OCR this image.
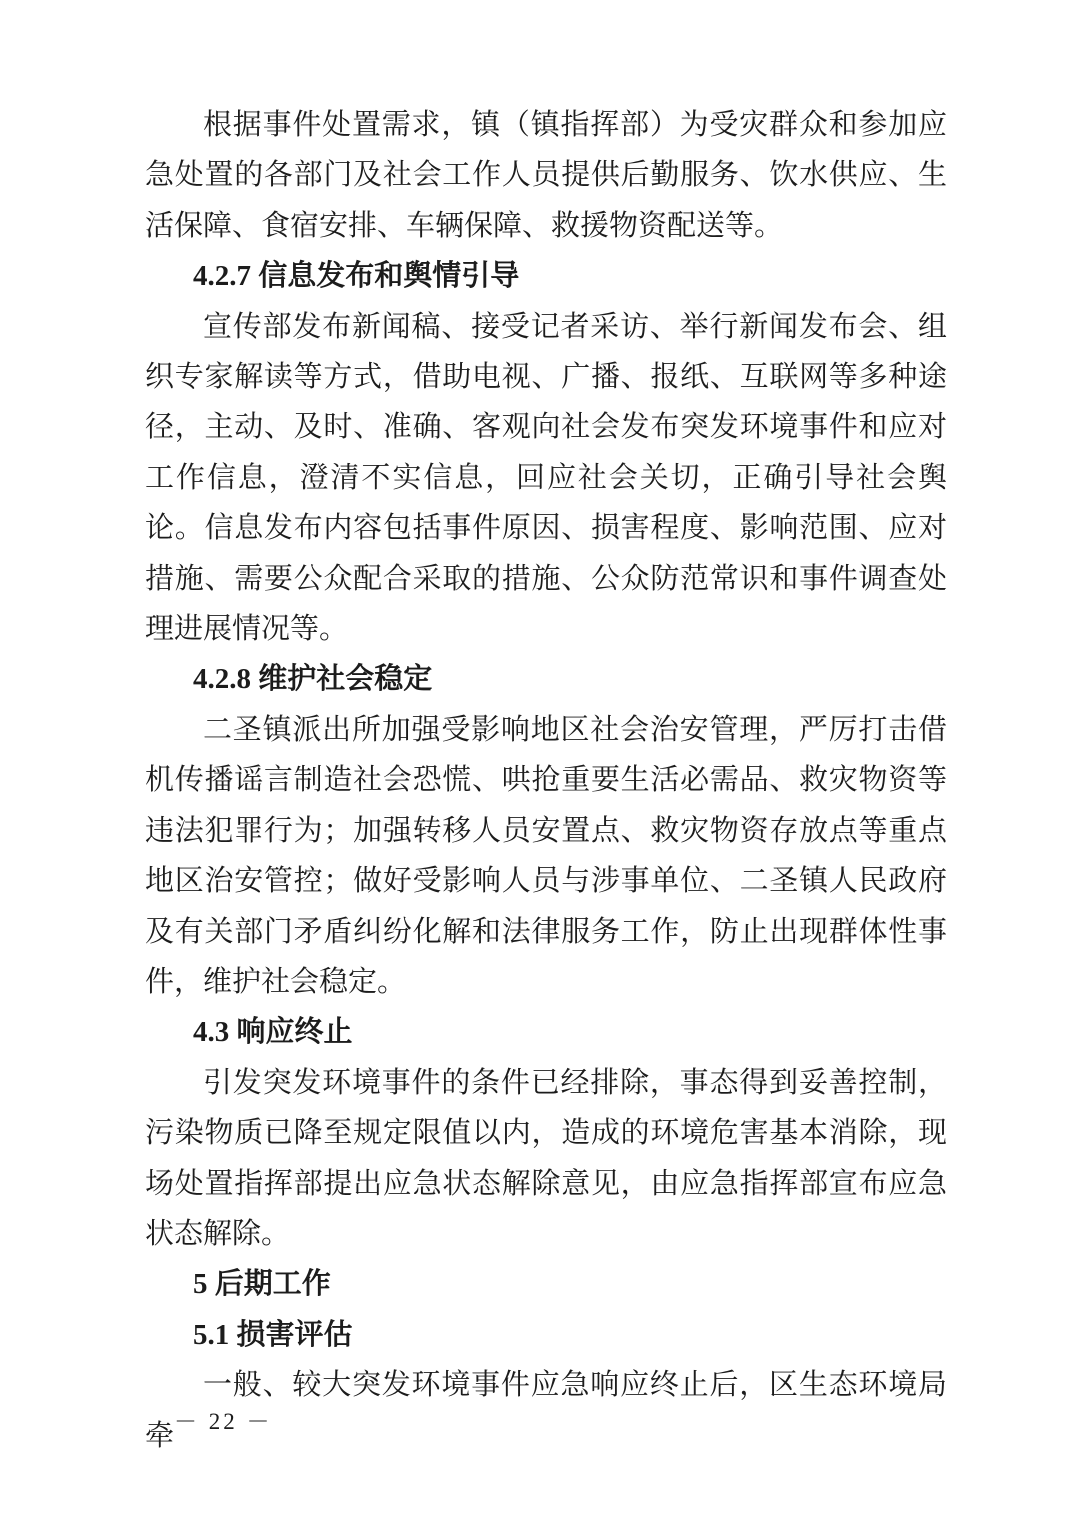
根据事件处置需求，镇（镇指挥部）为受灾群众和参加应急处置的各部门及社会工作人员提供后勤服务、饮水供应、生活保障、食宿安排、车辆保障、救援物资配送等。

4.2.7 信息发布和舆情引导

宣传部发布新闻稿、接受记者采访、举行新闻发布会、组织专家解读等方式，借助电视、广播、报纸、互联网等多种途径，主动、及时、准确、客观向社会发布突发环境事件和应对工作信息，澄清不实信息，回应社会关切，正确引导社会舆论。信息发布内容包括事件原因、损害程度、影响范围、应对措施、需要公众配合采取的措施、公众防范常识和事件调查处理进展情况等。

4.2.8 维护社会稳定

二圣镇派出所加强受影响地区社会治安管理，严厉打击借机传播谣言制造社会恐慌、哄抢重要生活必需品、救灾物资等违法犯罪行为；加强转移人员安置点、救灾物资存放点等重点地区治安管控；做好受影响人员与涉事单位、二圣镇人民政府及有关部门矛盾纠纷化解和法律服务工作，防止出现群体性事件，维护社会稳定。

4.3 响应终止

引发突发环境事件的条件已经排除，事态得到妥善控制，污染物质已降至规定限值以内，造成的环境危害基本消除，现场处置指挥部提出应急状态解除意见，由应急指挥部宣布应急状态解除。

5 后期工作

5.1 损害评估

一般、较大突发环境事件应急响应终止后，区生态环境局牵 － 22 －
